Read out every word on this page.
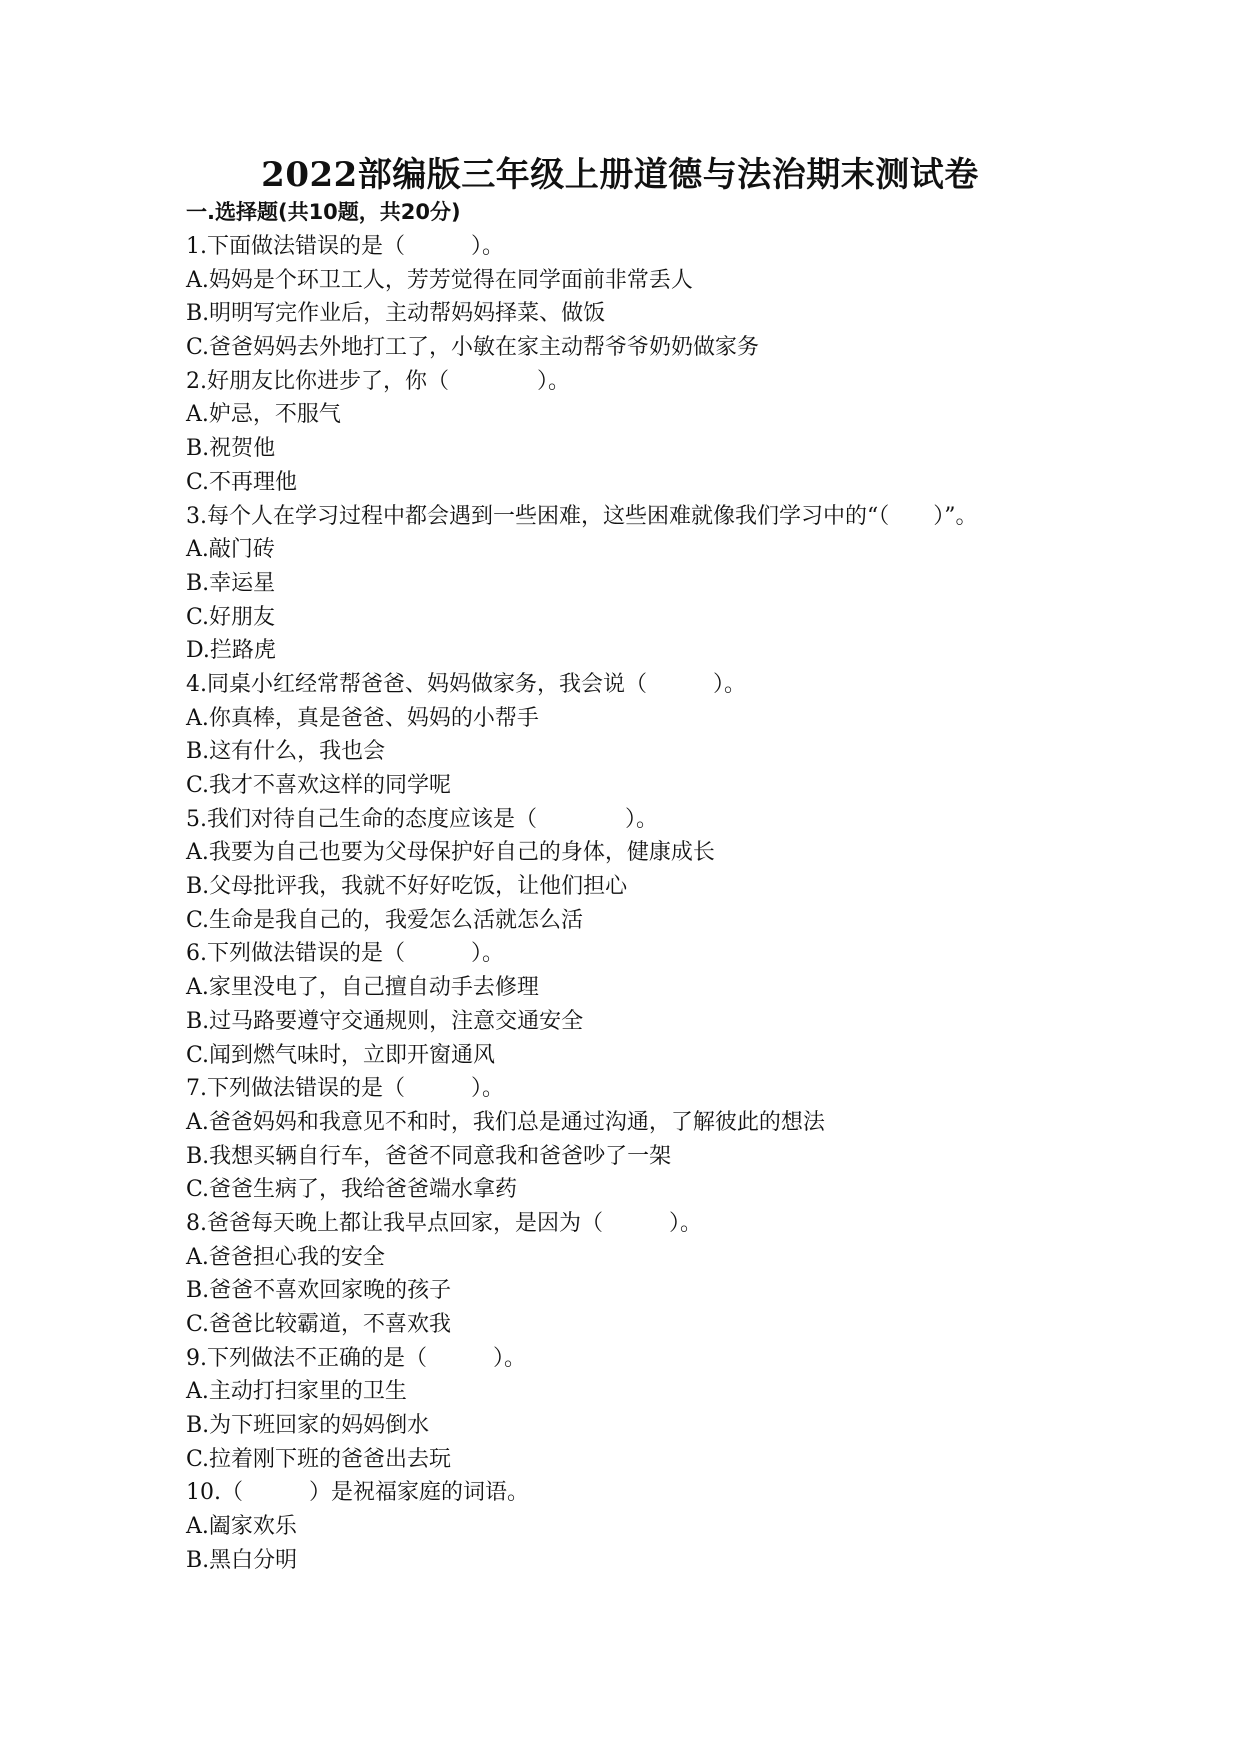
2022部编版三年级上册道德与法治期末测试卷
一.选择题(共10题，共20分)
1.下面做法错误的是（　　　）。
A.妈妈是个环卫工人，芳芳觉得在同学面前非常丢人
B.明明写完作业后，主动帮妈妈择菜、做饭
C.爸爸妈妈去外地打工了，小敏在家主动帮爷爷奶奶做家务
2.好朋友比你进步了，你（　　　　）。
A.妒忌，不服气
B.祝贺他
C.不再理他
3.每个人在学习过程中都会遇到一些困难，这些困难就像我们学习中的“（　　）”。
A.敲门砖
B.幸运星
C.好朋友
D.拦路虎
4.同桌小红经常帮爸爸、妈妈做家务，我会说（　　　）。
A.你真棒，真是爸爸、妈妈的小帮手
B.这有什么，我也会
C.我才不喜欢这样的同学呢
5.我们对待自己生命的态度应该是（　　　　）。
A.我要为自己也要为父母保护好自己的身体，健康成长
B.父母批评我，我就不好好吃饭，让他们担心
C.生命是我自己的，我爱怎么活就怎么活
6.下列做法错误的是（　　　）。
A.家里没电了，自己擅自动手去修理
B.过马路要遵守交通规则，注意交通安全
C.闻到燃气味时，立即开窗通风
7.下列做法错误的是（　　　）。
A.爸爸妈妈和我意见不和时，我们总是通过沟通，了解彼此的想法
B.我想买辆自行车，爸爸不同意我和爸爸吵了一架
C.爸爸生病了，我给爸爸端水拿药
8.爸爸每天晚上都让我早点回家，是因为（　　　）。
A.爸爸担心我的安全
B.爸爸不喜欢回家晚的孩子
C.爸爸比较霸道，不喜欢我
9.下列做法不正确的是（　　　）。
A.主动打扫家里的卫生
B.为下班回家的妈妈倒水
C.拉着刚下班的爸爸出去玩
10.（　　　）是祝福家庭的词语。
A.阖家欢乐
B.黑白分明
